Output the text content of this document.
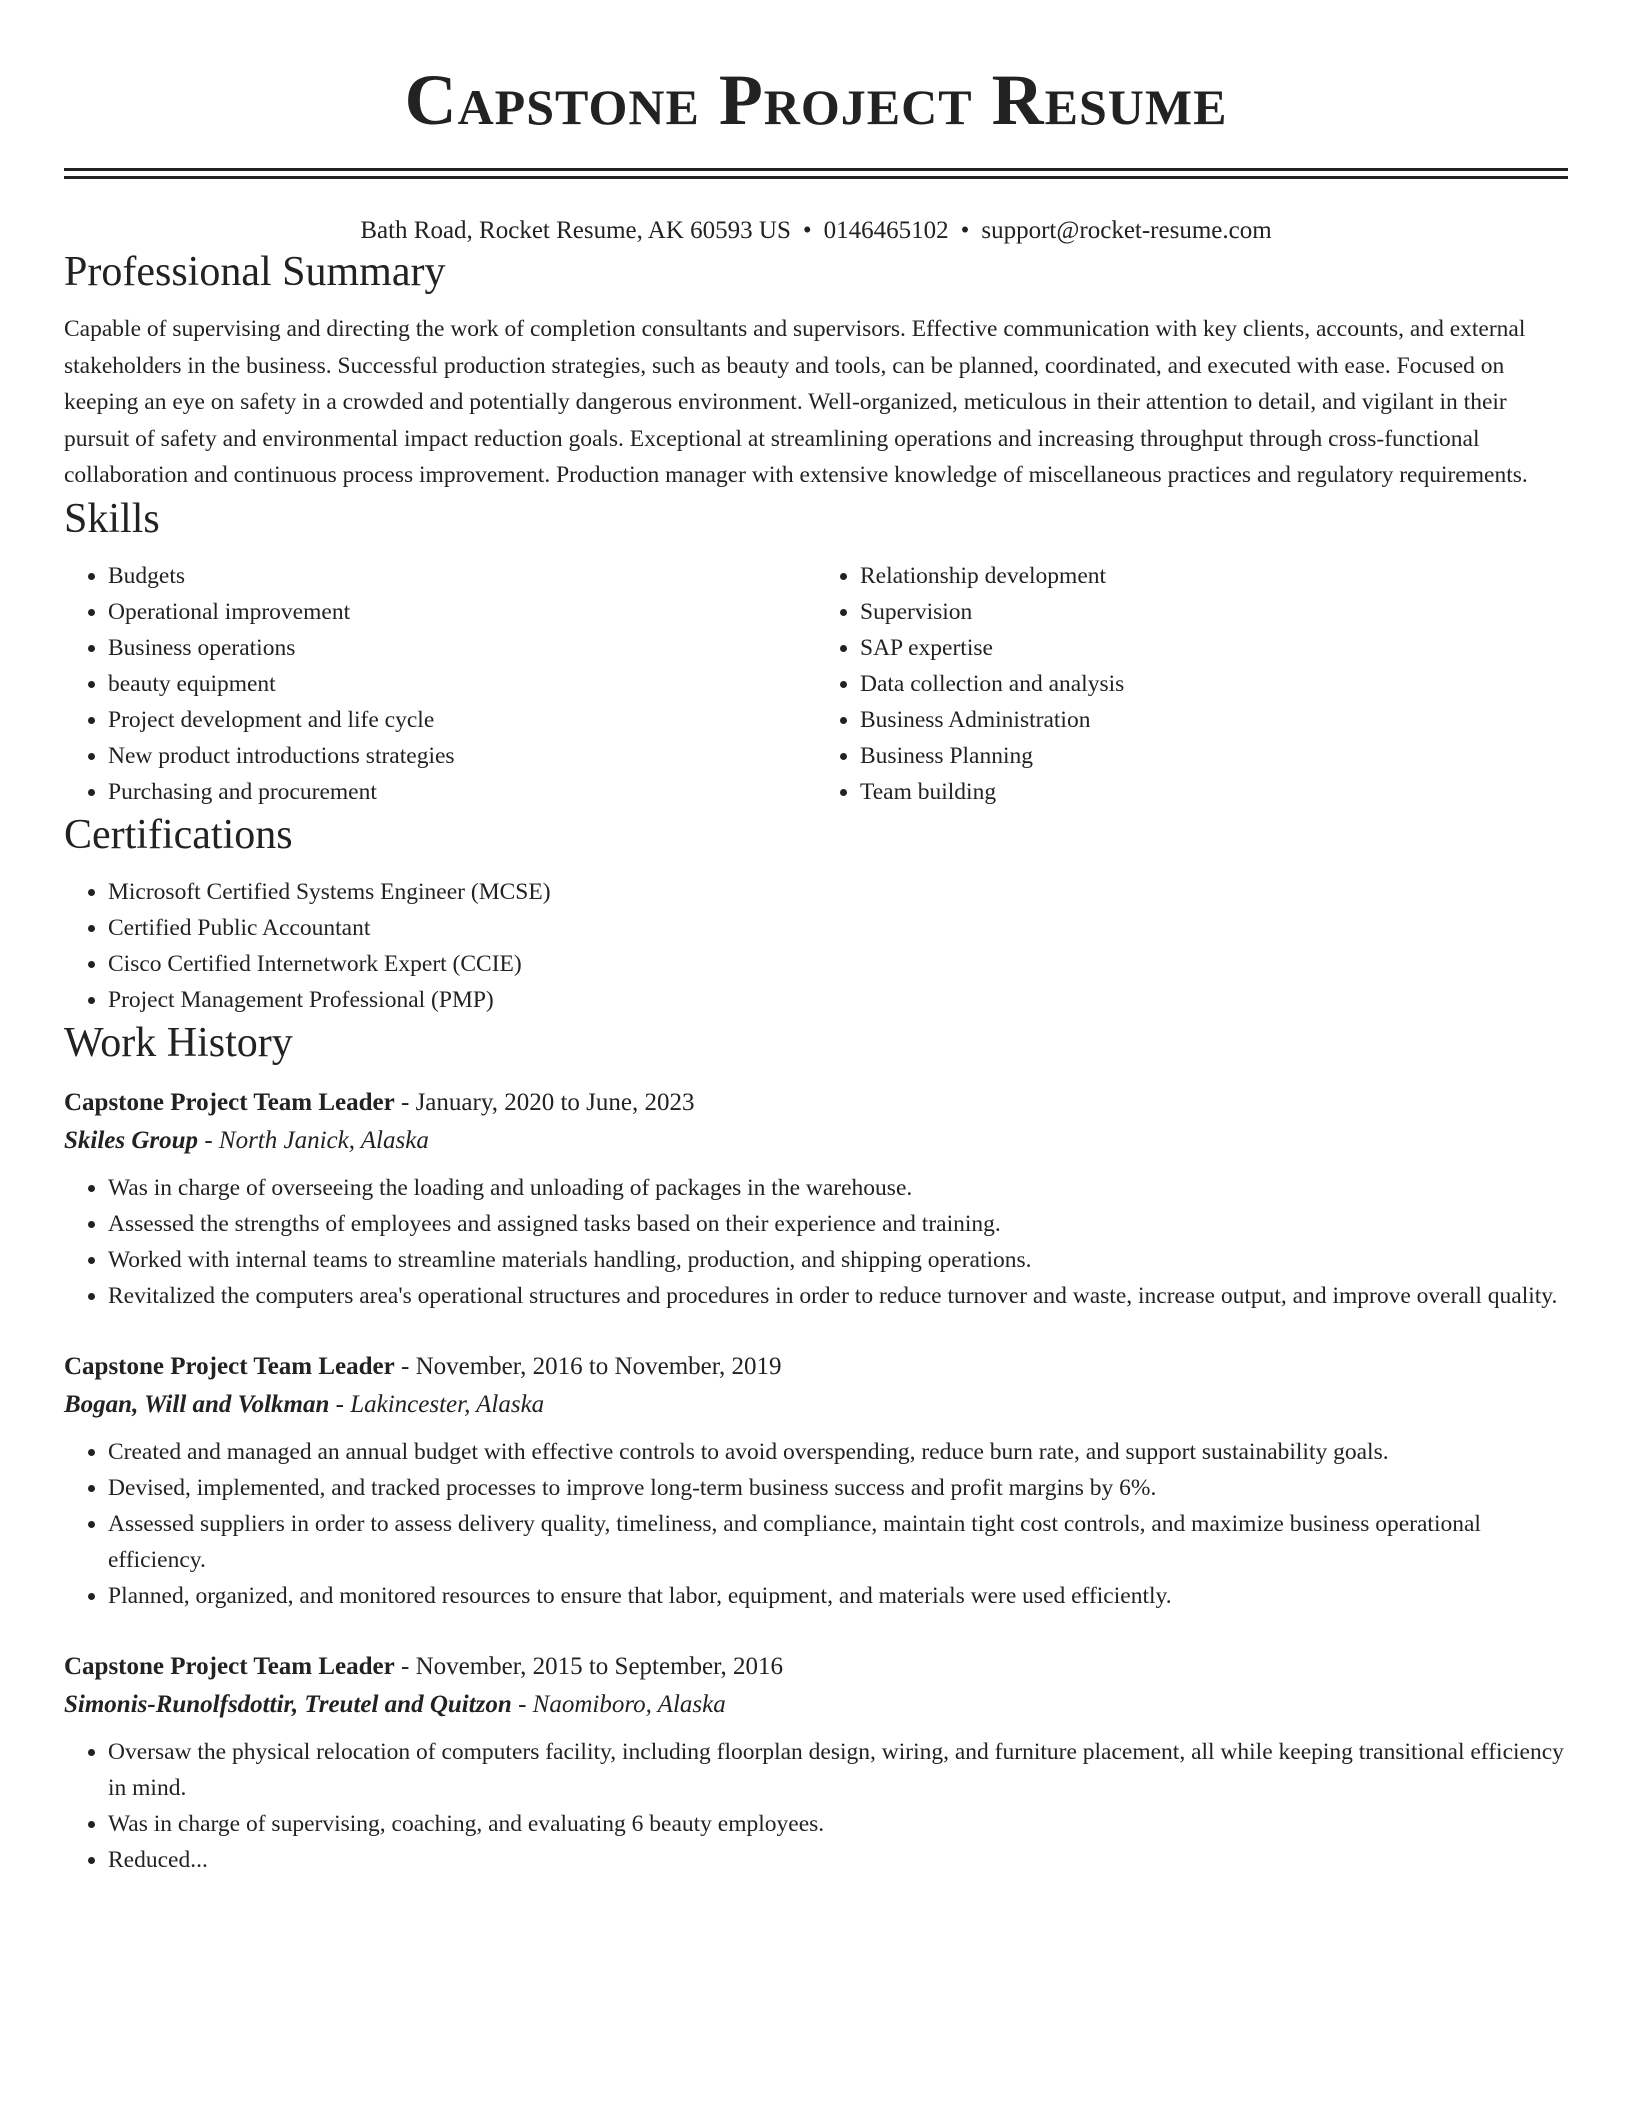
Capstone Project Resume
Bath Road, Rocket Resume, AK 60593 US • 0146465102 • support@rocket-resume.com
Professional Summary

Capable of supervising and directing the work of completion consultants and supervisors. Effective communication with key clients, accounts, and external stakeholders in the business. Successful production strategies, such as beauty and tools, can be planned, coordinated, and executed with ease. Focused on keeping an eye on safety in a crowded and potentially dangerous environment. Well-organized, meticulous in their attention to detail, and vigilant in their pursuit of safety and environmental impact reduction goals. Exceptional at streamlining operations and increasing throughput through cross-functional collaboration and continuous process improvement. Production manager with extensive knowledge of miscellaneous practices and regulatory requirements.

Skills
• Budgets
• Operational improvement
• Business operations
• beauty equipment
• Project development and life cycle
• New product introductions strategies
• Purchasing and procurement
• Relationship development
• Supervision
• SAP expertise
• Data collection and analysis
• Business Administration
• Business Planning
• Team building
Certifications
• Microsoft Certified Systems Engineer (MCSE)
• Certified Public Accountant
• Cisco Certified Internetwork Expert (CCIE)
• Project Management Professional (PMP)
Work History
Capstone Project Team Leader - January, 2020 to June, 2023
Skiles Group - North Janick, Alaska
• Was in charge of overseeing the loading and unloading of packages in the warehouse.
• Assessed the strengths of employees and assigned tasks based on their experience and training.
• Worked with internal teams to streamline materials handling, production, and shipping operations.
• Revitalized the computers area's operational structures and procedures in order to reduce turnover and waste, increase output, and improve overall quality.
Capstone Project Team Leader - November, 2016 to November, 2019
Bogan, Will and Volkman - Lakincester, Alaska
• Created and managed an annual budget with effective controls to avoid overspending, reduce burn rate, and support sustainability goals.
• Devised, implemented, and tracked processes to improve long-term business success and profit margins by 6%.
• Assessed suppliers in order to assess delivery quality, timeliness, and compliance, maintain tight cost controls, and maximize business operational efficiency.
• Planned, organized, and monitored resources to ensure that labor, equipment, and materials were used efficiently.
Capstone Project Team Leader - November, 2015 to September, 2016
Simonis-Runolfsdottir, Treutel and Quitzon - Naomiboro, Alaska
• Oversaw the physical relocation of computers facility, including floorplan design, wiring, and furniture placement, all while keeping transitional efficiency in mind.
• Was in charge of supervising, coaching, and evaluating 6 beauty employees.
• Reduced...
